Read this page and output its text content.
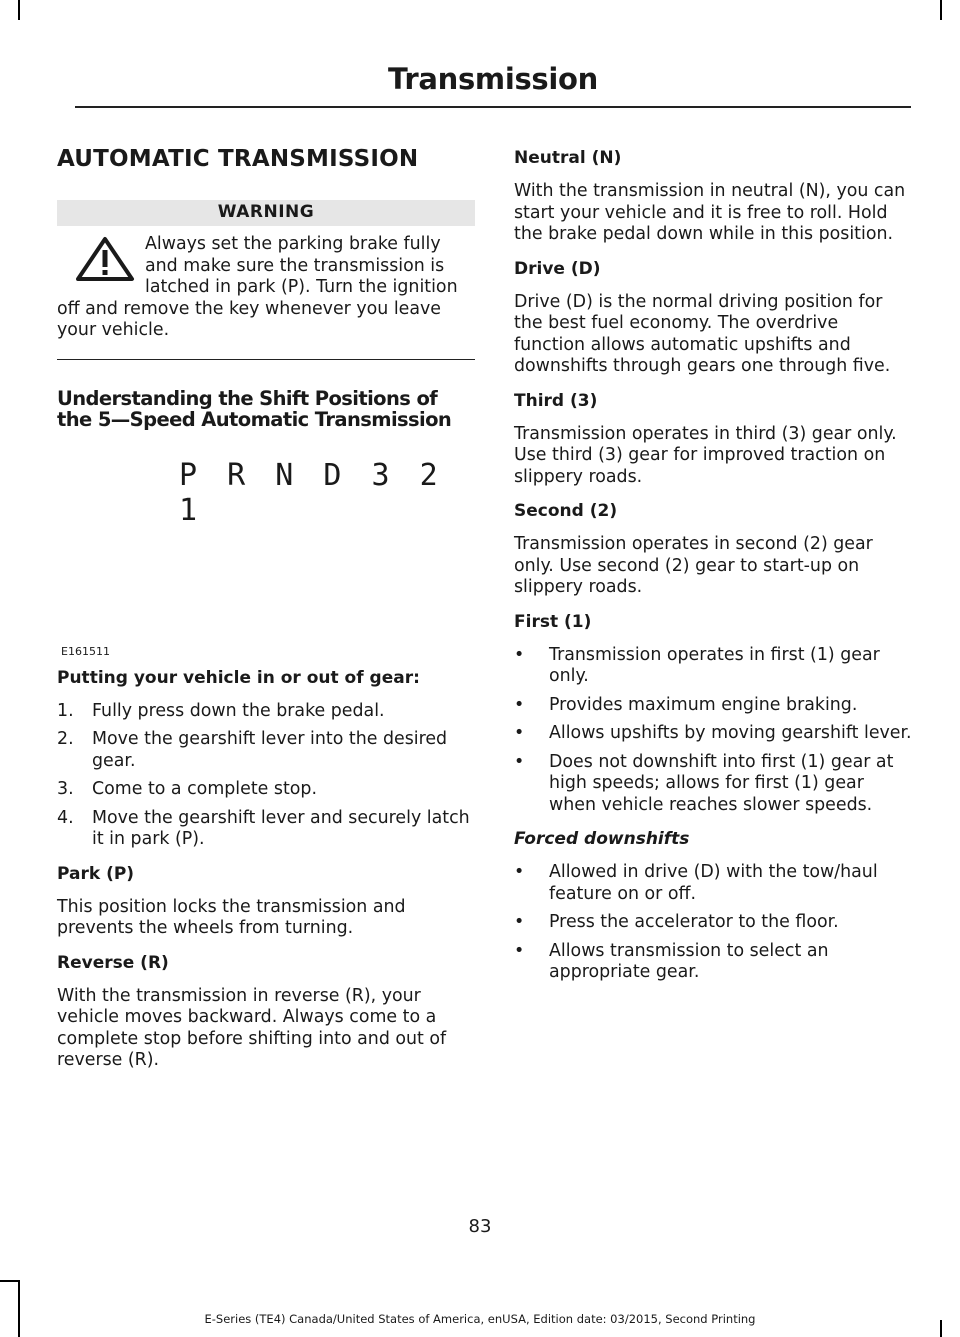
Transmission
AUTOMATIC TRANSMISSION
WARNING
Always set the parking brake fully and make sure the transmission is latched in park (P). Turn the ignition off and remove the key whenever you leave your vehicle.
Understanding the Shift Positions of the 5—Speed Automatic Transmission
P R N D 3 2 1
E161511
Putting your vehicle in or out of gear:
1. Fully press down the brake pedal.
2. Move the gearshift lever into the desired gear.
3. Come to a complete stop.
4. Move the gearshift lever and securely latch it in park (P).
Park (P)

This position locks the transmission and prevents the wheels from turning.

Reverse (R)

With the transmission in reverse (R), your vehicle moves backward. Always come to a complete stop before shifting into and out of reverse (R).

Neutral (N)

With the transmission in neutral (N), you can start your vehicle and it is free to roll. Hold the brake pedal down while in this position.

Drive (D)

Drive (D) is the normal driving position for the best fuel economy. The overdrive function allows automatic upshifts and downshifts through gears one through five.

Third (3)

Transmission operates in third (3) gear only. Use third (3) gear for improved traction on slippery roads.

Second (2)

Transmission operates in second (2) gear only. Use second (2) gear to start-up on slippery roads.

First (1)
• Transmission operates in first (1) gear only.
• Provides maximum engine braking.
• Allows upshifts by moving gearshift lever.
• Does not downshift into first (1) gear at high speeds; allows for first (1) gear when vehicle reaches slower speeds.
Forced downshifts
• Allowed in drive (D) with the tow/haul feature on or off.
• Press the accelerator to the floor.
• Allows transmission to select an appropriate gear.
83
E-Series (TE4) Canada/United States of America, enUSA, Edition date: 03/2015, Second Printing
